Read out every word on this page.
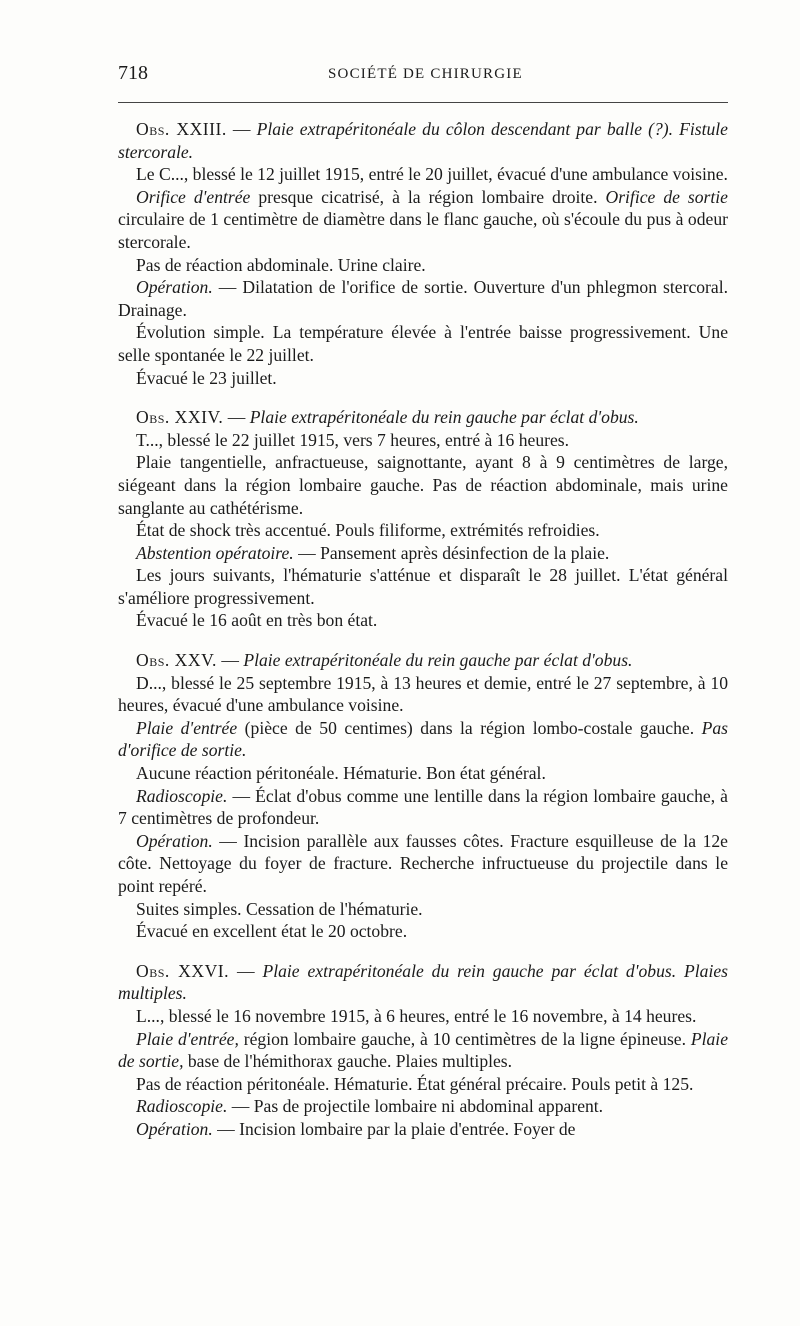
718	SOCIÉTÉ DE CHIRURGIE

Obs. XXIII. — Plaie extrapéritonéale du côlon descendant par balle (?). Fistule stercorale.

Le C..., blessé le 12 juillet 1915, entré le 20 juillet, évacué d'une ambulance voisine.

Orifice d'entrée presque cicatrisé, à la région lombaire droite. Orifice de sortie circulaire de 1 centimètre de diamètre dans le flanc gauche, où s'écoule du pus à odeur stercorale.

Pas de réaction abdominale. Urine claire.

Opération. — Dilatation de l'orifice de sortie. Ouverture d'un phlegmon stercoral. Drainage.

Évolution simple. La température élevée à l'entrée baisse progressivement. Une selle spontanée le 22 juillet.

Évacué le 23 juillet.

Obs. XXIV. — Plaie extrapéritonéale du rein gauche par éclat d'obus.

T..., blessé le 22 juillet 1915, vers 7 heures, entré à 16 heures.

Plaie tangentielle, anfractueuse, saignottante, ayant 8 à 9 centimètres de large, siégeant dans la région lombaire gauche. Pas de réaction abdominale, mais urine sanglante au cathétérisme.

État de shock très accentué. Pouls filiforme, extrémités refroidies.

Abstention opératoire. — Pansement après désinfection de la plaie.

Les jours suivants, l'hématurie s'atténue et disparaît le 28 juillet. L'état général s'améliore progressivement.

Évacué le 16 août en très bon état.

Obs. XXV. — Plaie extrapéritonéale du rein gauche par éclat d'obus.

D..., blessé le 25 septembre 1915, à 13 heures et demie, entré le 27 septembre, à 10 heures, évacué d'une ambulance voisine.

Plaie d'entrée (pièce de 50 centimes) dans la région lombo-costale gauche. Pas d'orifice de sortie.

Aucune réaction péritonéale. Hématurie. Bon état général.

Radioscopie. — Éclat d'obus comme une lentille dans la région lombaire gauche, à 7 centimètres de profondeur.

Opération. — Incision parallèle aux fausses côtes. Fracture esquilleuse de la 12e côte. Nettoyage du foyer de fracture. Recherche infructueuse du projectile dans le point repéré.

Suites simples. Cessation de l'hématurie.

Évacué en excellent état le 20 octobre.

Obs. XXVI. — Plaie extrapéritonéale du rein gauche par éclat d'obus. Plaies multiples.

L..., blessé le 16 novembre 1915, à 6 heures, entré le 16 novembre, à 14 heures.

Plaie d'entrée, région lombaire gauche, à 10 centimètres de la ligne épineuse. Plaie de sortie, base de l'hémithorax gauche. Plaies multiples.

Pas de réaction péritonéale. Hématurie. État général précaire. Pouls petit à 125.

Radioscopie. — Pas de projectile lombaire ni abdominal apparent.

Opération. — Incision lombaire par la plaie d'entrée. Foyer de
